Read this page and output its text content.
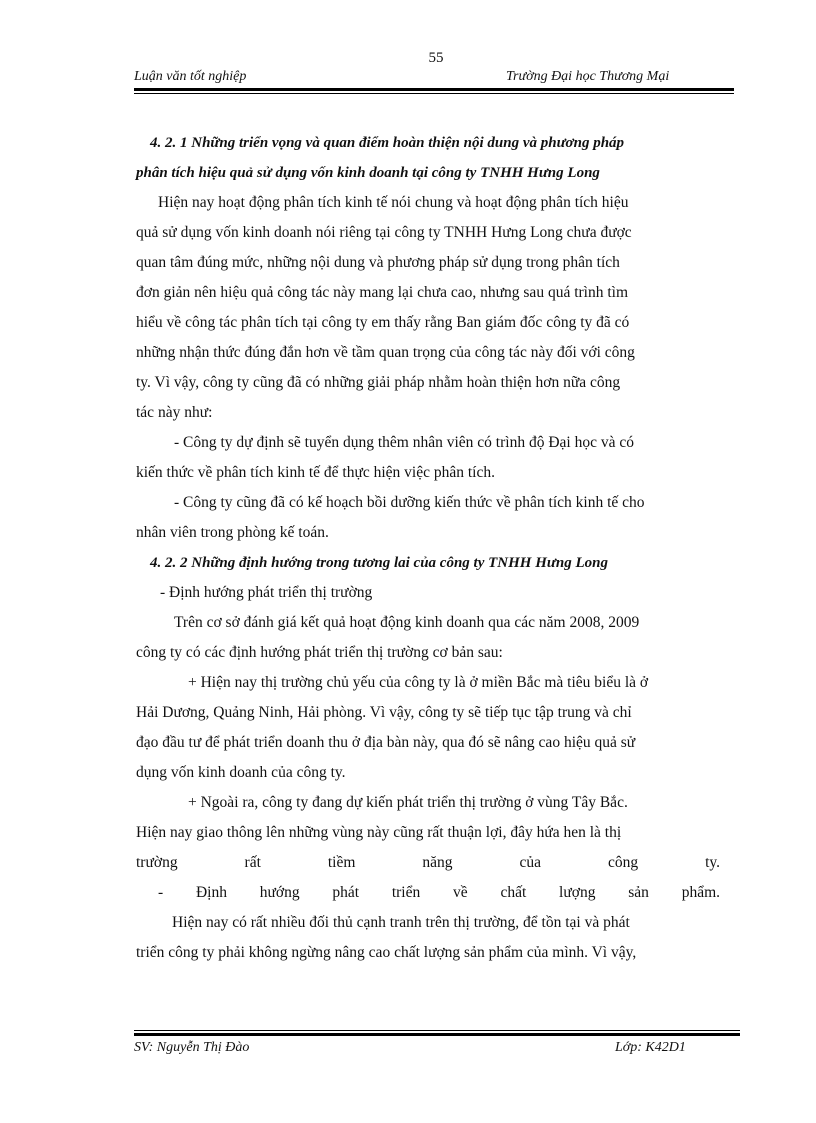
55
Luận văn tốt nghiệp	Trường Đại học Thương Mại
4. 2. 1 Những triển vọng và quan điểm hoàn thiện nội dung và phương pháp
phân tích hiệu quả sử dụng vốn kinh doanh tại công ty TNHH Hưng Long
Hiện nay hoạt động phân tích kinh tế nói chung và hoạt động phân tích hiệu
quả sử dụng vốn kinh doanh nói riêng tại công ty TNHH Hưng Long chưa được
quan tâm đúng mức, những nội dung và phương pháp sử dụng trong phân tích
đơn giản nên hiệu quả công tác này mang lại chưa cao, nhưng sau quá trình tìm
hiểu về công tác phân tích tại công ty em thấy rằng Ban giám đốc công ty đã có
những nhận thức đúng đắn hơn về tầm quan trọng của công tác này đối với công
ty. Vì vậy, công ty cũng đã có những giải pháp nhằm hoàn thiện hơn nữa công
tác này như:
- Công ty dự định sẽ tuyển dụng thêm nhân viên có trình độ Đại học và có
kiến thức về phân tích kinh tế để thực hiện việc phân tích.
- Công ty cũng đã có kế hoạch bồi dưỡng kiến thức về phân tích kinh tế cho
nhân viên trong phòng kế toán.
4. 2. 2 Những định hướng trong tương lai của công ty TNHH Hưng Long
- Định hướng phát triển thị trường
Trên cơ sở đánh giá kết quả hoạt động kinh doanh qua các năm 2008, 2009
công ty có các định hướng phát triển thị trường cơ bản sau:
+ Hiện nay thị trường chủ yếu của công ty là ở miền Bắc mà tiêu biểu là ở
Hải Dương, Quảng Ninh, Hải phòng. Vì vậy, công ty sẽ tiếp tục tập trung và chỉ
đạo đầu tư để phát triển doanh thu ở địa bàn này, qua đó sẽ nâng cao hiệu quả sử
dụng vốn kinh doanh của công ty.
+ Ngoài ra, công ty đang dự kiến phát triển thị trường ở vùng Tây Bắc.
Hiện nay giao thông lên những vùng này cũng rất thuận lợi, đây hứa hen là thị
trường rất tiềm năng của công ty.
- Định hướng phát triển về chất lượng sản phẩm.
Hiện nay có rất nhiều đối thủ cạnh tranh trên thị trường, để tồn tại và phát
triển công ty phải không ngừng nâng cao chất lượng sản phẩm của mình. Vì vậy,
SV: Nguyễn Thị Đào	Lớp: K42D1
